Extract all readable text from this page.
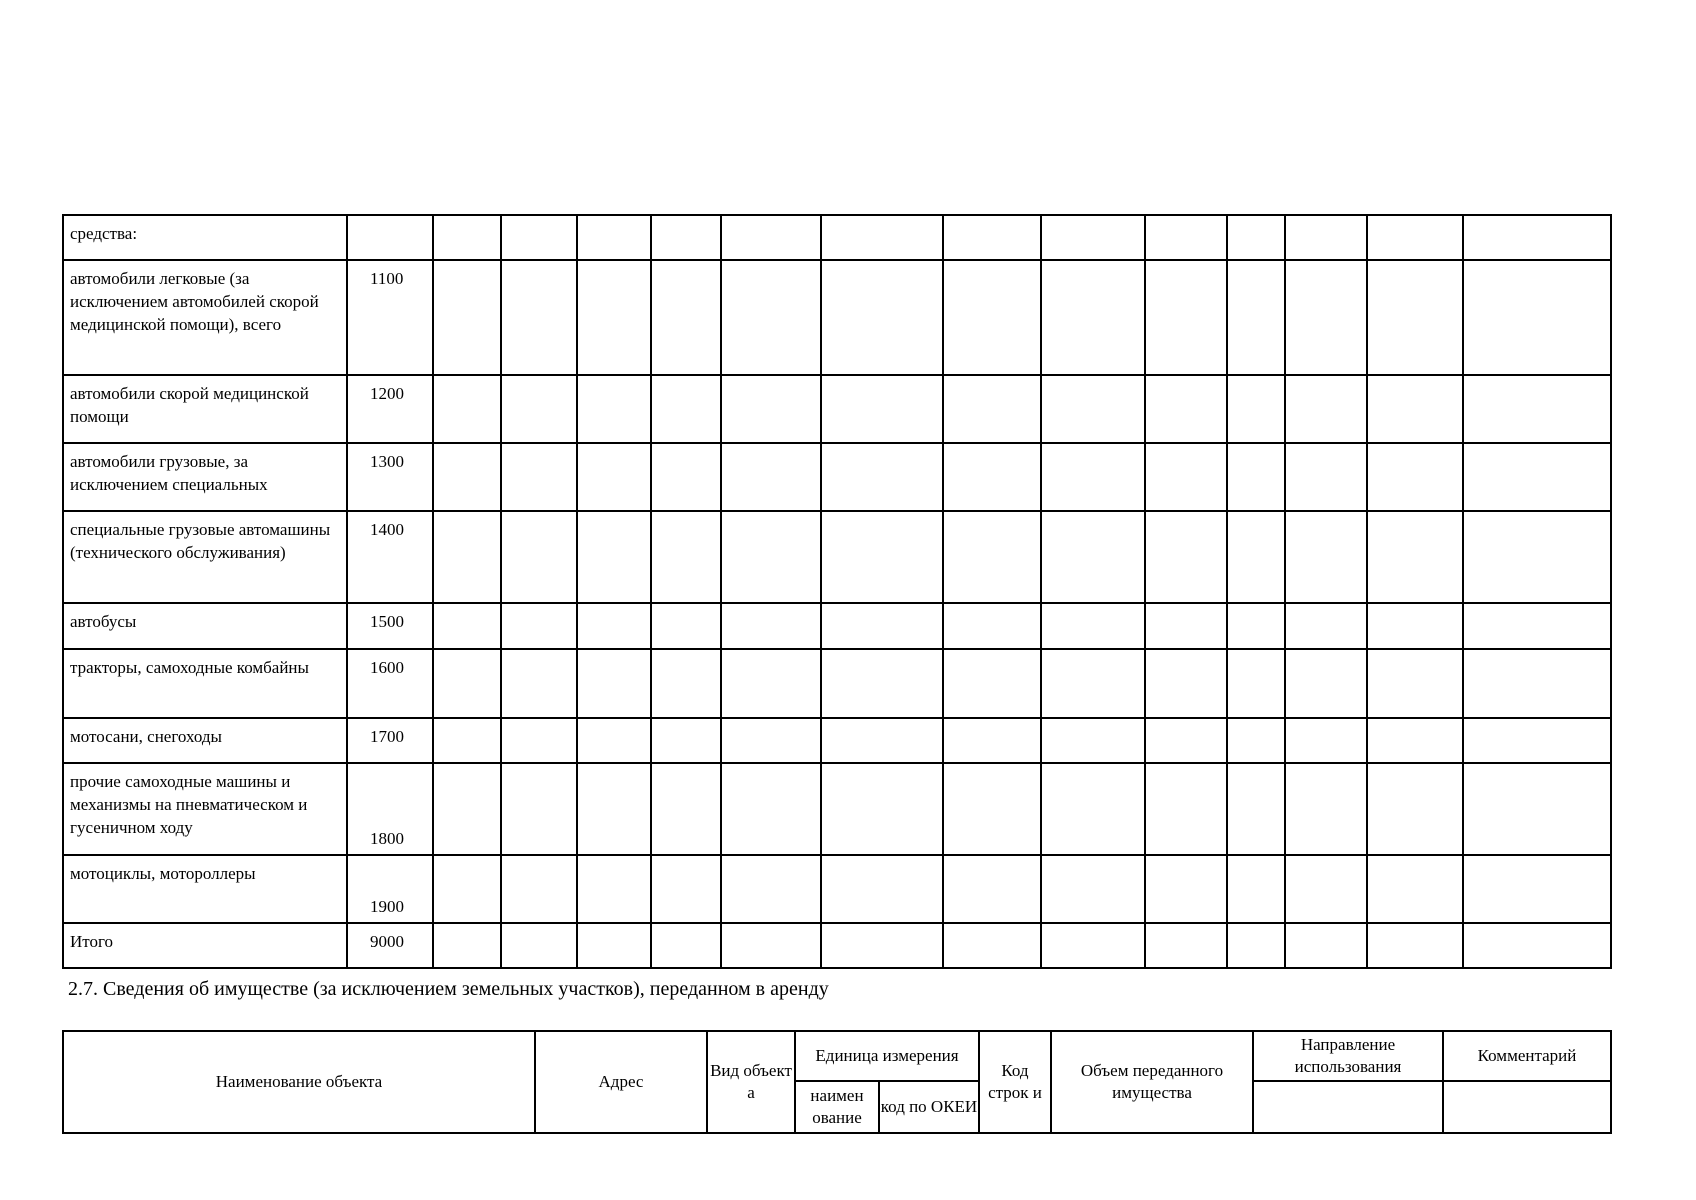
средства:														
автомобили легковые (за исключением автомобилей скорой медицинской помощи), всего	1100													
автомобили скорой медицинской помощи	1200													
автомобили грузовые, за исключением специальных	1300													
специальные грузовые автомашины (технического обслуживания)	1400													
автобусы	1500													
тракторы, самоходные комбайны	1600													
мотосани, снегоходы	1700													
прочие самоходные машины и механизмы на пневматическом и гусеничном ходу	1800													
мотоциклы, мотороллеры	1900													
Итого	9000													
2.7. Сведения об имуществе (за исключением земельных участков), переданном в аренду
Наименование объекта	Адрес	Вид объект а	Единица измерения		Код строк и	Объем переданного имущества	Направление использования	Комментарий
			наимен ование	код по ОКЕИ				
